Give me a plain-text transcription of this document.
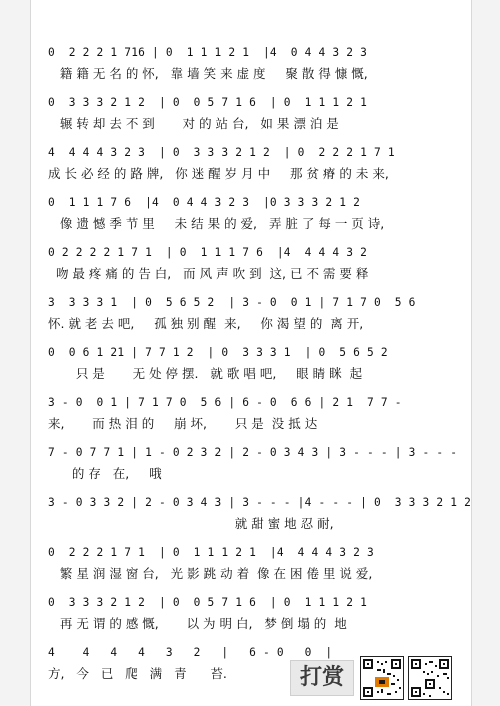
0  2 2 2 1 716 | 0  1 1 1 2 1  |4  0 4 4 3 2 3
籍 籍 无 名 的 怀,   靠 墙 笑 来 虚 度     聚 散 得 慷 慨,
0  3 3 3 2 1 2  | 0  0 5 7 1 6  | 0  1 1 1 2 1
辗 转 却 去 不 到       对 的 站 台,   如 果 漂 泊 是
4  4 4 4 3 2 3  | 0  3 3 3 2 1 2  | 0  2 2 2 1 7 1
成 长 必 经 的 路 牌,   你 迷 醒 岁 月 中     那 贫 瘠 的 未 来,
0  1 1 1 7 6  |4  0 4 4 3 2 3  |0 3 3 3 2 1 2
像 遗 憾 季 节 里     未 结 果 的 爱,   弄 脏 了 每 一 页 诗,
0 2 2 2 2 1 7 1  | 0  1 1 1 7 6  |4  4 4 4 3 2
吻 最 疼 痛 的 告 白,   而 风 声 吹 到  这, 已 不 需 要 释
3  3 3 3 1  | 0  5 6 5 2  | 3 - 0  0 1 | 7 1 7 0  5 6
怀. 就 老 去 吧,     孤 独 别 醒  来,     你 渴 望 的  离 开,
0  0 6 1 21 | 7 7 1 2  | 0  3 3 3 1  | 0  5 6 5 2
只 是       无 处 停 摆.   就 歌 唱 吧,     眼 睛 眯  起
3 - 0  0 1 | 7 1 7 0  5 6 | 6 - 0  6 6 | 2 1  7 7 -
来,       而 热 泪 的     崩 坏,       只 是  没 抵 达
7 - 0 7 7 1 | 1 - 0 2 3 2 | 2 - 0 3 4 3 | 3 - - - | 3 - - -
的 存   在,     哦
3 - 0 3 3 2 | 2 - 0 3 4 3 | 3 - - - |4 - - - | 0  3 3 3 2 1 2
就 甜 蜜 地 忍 耐,
0  2 2 2 1 7 1  | 0  1 1 1 2 1  |4  4 4 4 3 2 3
繁 星 润 湿 窗 台,   光 影 跳 动 着  像 在 困 倦 里 说 爱,
0  3 3 3 2 1 2  | 0  0 5 7 1 6  | 0  1 1 1 2 1
再 无 谓 的 感 慨,       以 为 明 白,   梦 倒 塌 的  地
4    4   4   4   3   2   |   6 - 0   0  |
方,   今   已   爬   满   青      苔.	打赏
